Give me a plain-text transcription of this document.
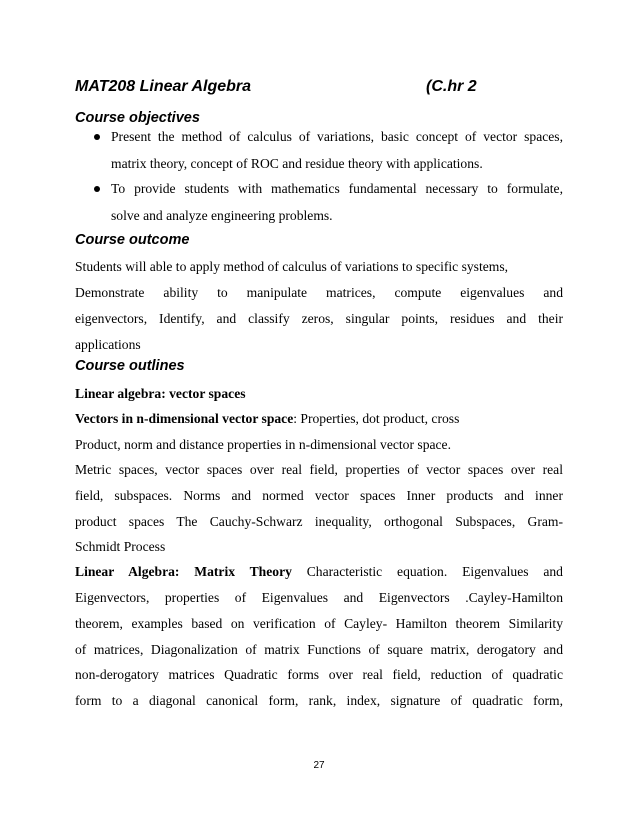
MAT208 Linear Algebra	(C.hr 2
Course objectives
Present the method of calculus of variations, basic concept of vector spaces,
matrix theory, concept of ROC and residue theory with applications.
To provide students with mathematics fundamental necessary to formulate,
solve and analyze engineering problems.
Course outcome
Students will able to apply method of calculus of variations to specific systems,
Demonstrate ability to manipulate matrices, compute eigenvalues and
eigenvectors, Identify, and classify zeros, singular points, residues and their
applications
Course outlines
Linear algebra: vector spaces
Vectors in n-dimensional vector space: Properties, dot product, cross
Product, norm and distance properties in n-dimensional vector space.
Metric spaces, vector spaces over real field, properties of vector spaces over real
field, subspaces. Norms and normed vector spaces Inner products and inner
product spaces The Cauchy-Schwarz inequality, orthogonal Subspaces, Gram-
Schmidt Process
Linear Algebra: Matrix Theory Characteristic equation. Eigenvalues and
Eigenvectors, properties of Eigenvalues and Eigenvectors .Cayley-Hamilton
theorem, examples based on verification of Cayley- Hamilton theorem Similarity
of matrices, Diagonalization of matrix Functions of square matrix, derogatory and
non-derogatory matrices Quadratic forms over real field, reduction of quadratic
form to a diagonal canonical form, rank, index, signature of quadratic form,
27
